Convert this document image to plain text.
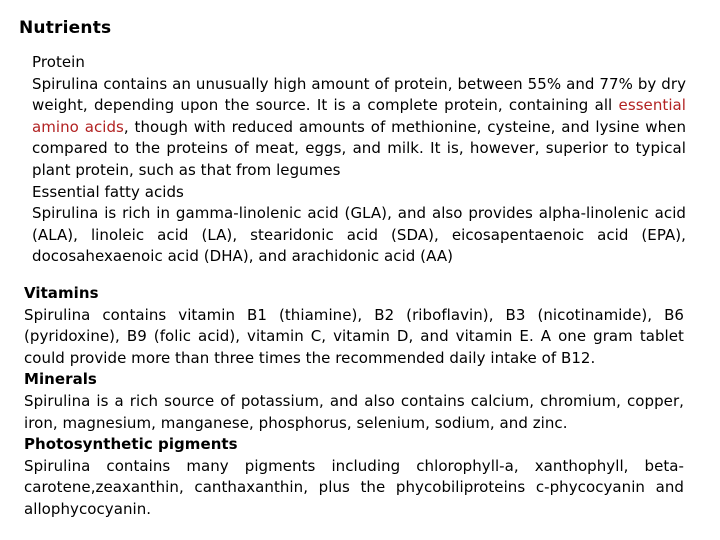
Nutrients
Protein

Spirulina contains an unusually high amount of protein, between 55% and 77% by dry weight, depending upon the source. It is a complete protein, containing all essential amino acids, though with reduced amounts of methionine, cysteine, and lysine when compared to the proteins of meat, eggs, and milk. It is, however, superior to typical plant protein, such as that from legumes

Essential fatty acids

Spirulina is rich in gamma-linolenic acid (GLA), and also provides alpha-linolenic acid (ALA), linoleic acid (LA), stearidonic acid (SDA), eicosapentaenoic acid (EPA), docosahexaenoic acid (DHA), and arachidonic acid (AA)

Vitamins

Spirulina contains vitamin B1 (thiamine), B2 (riboflavin), B3 (nicotinamide), B6 (pyridoxine), B9 (folic acid), vitamin C, vitamin D, and vitamin E. A one gram tablet could provide more than three times the recommended daily intake of B12.

Minerals

Spirulina is a rich source of potassium, and also contains calcium, chromium, copper, iron, magnesium, manganese, phosphorus, selenium, sodium, and zinc.

Photosynthetic pigments

Spirulina contains many pigments including chlorophyll-a, xanthophyll, beta-carotene,zeaxanthin, canthaxanthin, plus the phycobiliproteins c-phycocyanin and allophycocyanin.
